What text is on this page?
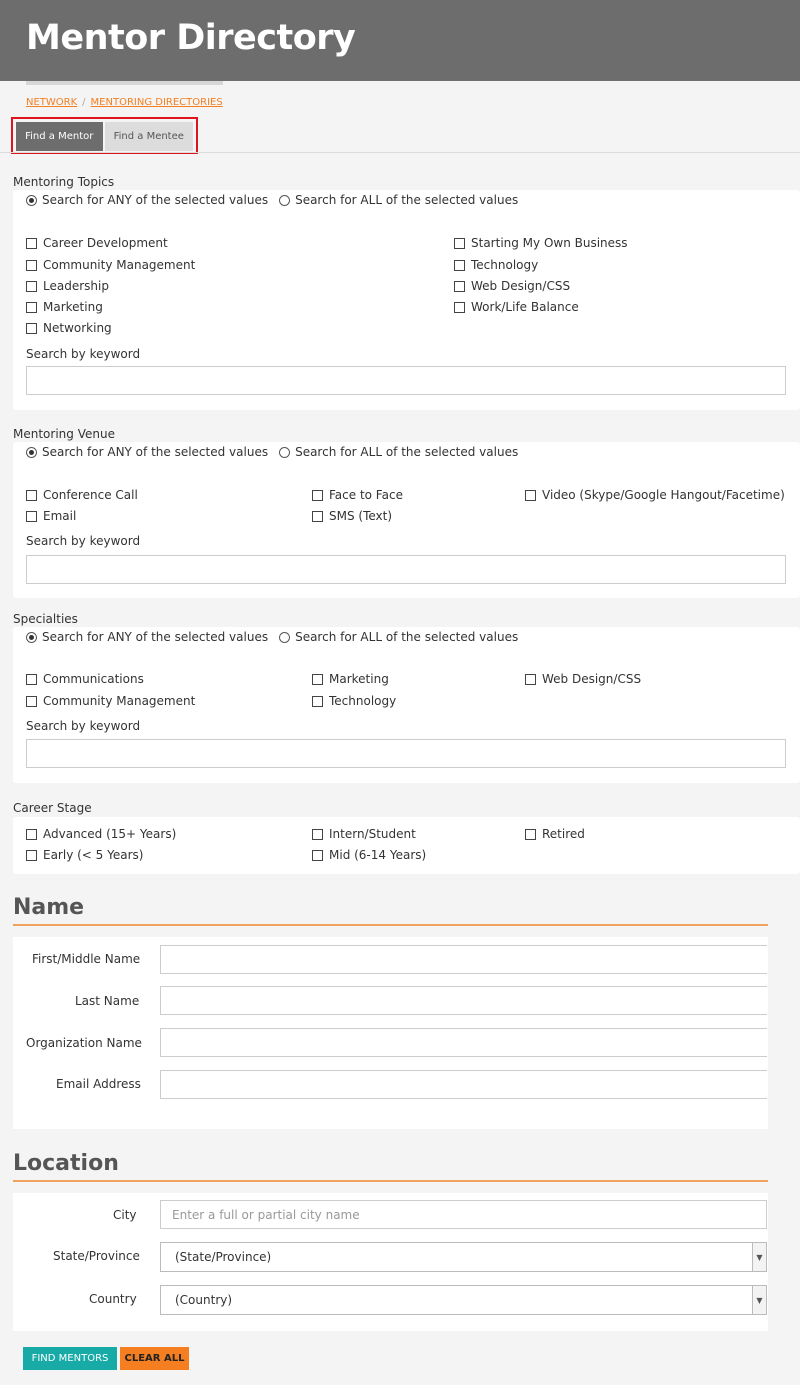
Mentor Directory
NETWORK / MENTORING DIRECTORIES
Find a Mentor	Find a Mentee
Mentoring Topics
Search for ANY of the selected values Search for ALL of the selected values
Career Development
Community Management
Leadership
Marketing
Networking
Starting My Own Business
Technology
Web Design/CSS
Work/Life Balance
Search by keyword
Mentoring Venue
Search for ANY of the selected values Search for ALL of the selected values
Conference Call
Email
Face to Face
SMS (Text)
Video (Skype/Google Hangout/Facetime)
Search by keyword
Specialties
Search for ANY of the selected values Search for ALL of the selected values
Communications
Community Management
Marketing
Technology
Web Design/CSS
Search by keyword
Career Stage
Advanced (15+ Years)
Early (< 5 Years)
Intern/Student
Mid (6-14 Years)
Retired
Name
First/Middle Name
Last Name
Organization Name
Email Address
Location
City	Enter a full or partial city name
State/Province	(State/Province)	▼
Country	(Country)	▼
FIND MENTORS	CLEAR ALL
